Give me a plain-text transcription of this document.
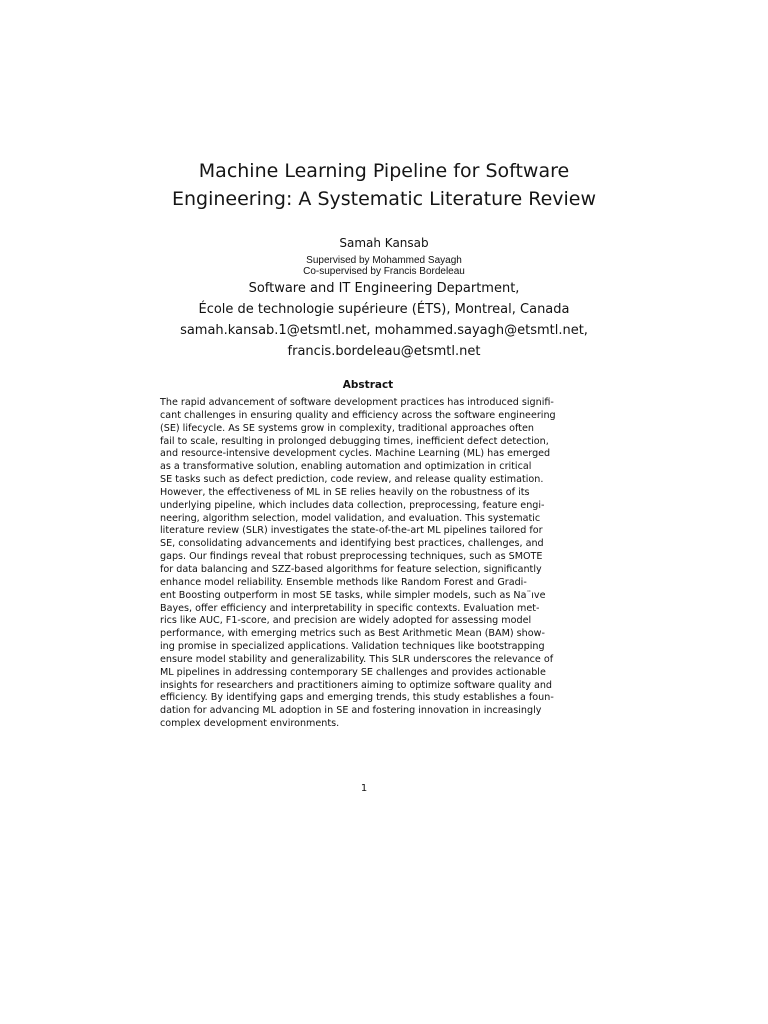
Machine Learning Pipeline for Software
Engineering: A Systematic Literature Review
Samah Kansab
Supervised by Mohammed Sayagh
Co-supervised by Francis Bordeleau
Software and IT Engineering Department,
École de technologie supérieure (ÉTS), Montreal, Canada
samah.kansab.1@etsmtl.net, mohammed.sayagh@etsmtl.net,
francis.bordeleau@etsmtl.net
Abstract
The rapid advancement of software development practices has introduced signifi-
cant challenges in ensuring quality and efficiency across the software engineering
(SE) lifecycle. As SE systems grow in complexity, traditional approaches often
fail to scale, resulting in prolonged debugging times, inefficient defect detection,
and resource-intensive development cycles. Machine Learning (ML) has emerged
as a transformative solution, enabling automation and optimization in critical
SE tasks such as defect prediction, code review, and release quality estimation.
However, the effectiveness of ML in SE relies heavily on the robustness of its
underlying pipeline, which includes data collection, preprocessing, feature engi-
neering, algorithm selection, model validation, and evaluation. This systematic
literature review (SLR) investigates the state-of-the-art ML pipelines tailored for
SE, consolidating advancements and identifying best practices, challenges, and
gaps. Our findings reveal that robust preprocessing techniques, such as SMOTE
for data balancing and SZZ-based algorithms for feature selection, significantly
enhance model reliability. Ensemble methods like Random Forest and Gradi-
ent Boosting outperform in most SE tasks, while simpler models, such as Na¨ıve
Bayes, offer efficiency and interpretability in specific contexts. Evaluation met-
rics like AUC, F1-score, and precision are widely adopted for assessing model
performance, with emerging metrics such as Best Arithmetic Mean (BAM) show-
ing promise in specialized applications. Validation techniques like bootstrapping
ensure model stability and generalizability. This SLR underscores the relevance of
ML pipelines in addressing contemporary SE challenges and provides actionable
insights for researchers and practitioners aiming to optimize software quality and
efficiency. By identifying gaps and emerging trends, this study establishes a foun-
dation for advancing ML adoption in SE and fostering innovation in increasingly
complex development environments.
1
